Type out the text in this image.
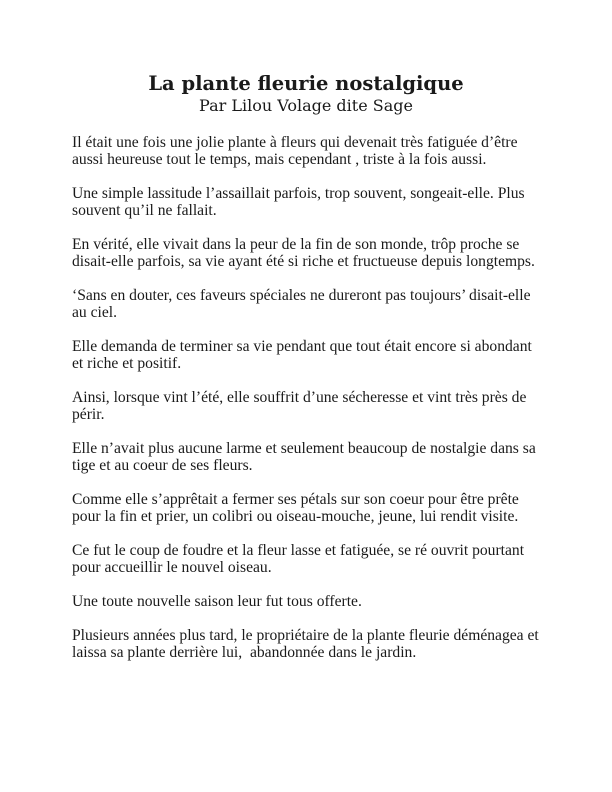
La plante fleurie nostalgique
Par Lilou Volage dite Sage

Il était une fois une jolie plante à fleurs qui devenait très fatiguée d’être aussi heureuse tout le temps, mais cependant , triste à la fois aussi.

Une simple lassitude l’assaillait parfois, trop souvent, songeait-elle. Plus souvent qu’il ne fallait.

En vérité, elle vivait dans la peur de la fin de son monde, trôp proche se disait-elle parfois, sa vie ayant été si riche et fructueuse depuis longtemps.

‘Sans en douter, ces faveurs spéciales ne dureront pas toujours’ disait-elle au ciel.

Elle demanda de terminer sa vie pendant que tout était encore si abondant et riche et positif.

Ainsi, lorsque vint l’été, elle souffrit d’une sécheresse et vint très près de périr.

Elle n’avait plus aucune larme et seulement beaucoup de nostalgie dans sa tige et au coeur de ses fleurs.

Comme elle s’apprêtait a fermer ses pétals sur son coeur pour être prête pour la fin et prier, un colibri ou oiseau-mouche, jeune, lui rendit visite.

Ce fut le coup de foudre et la fleur lasse et fatiguée, se ré ouvrit pourtant pour accueillir le nouvel oiseau.

Une toute nouvelle saison leur fut tous offerte.

Plusieurs années plus tard, le propriétaire de la plante fleurie déménagea et laissa sa plante derrière lui,  abandonnée dans le jardin.
